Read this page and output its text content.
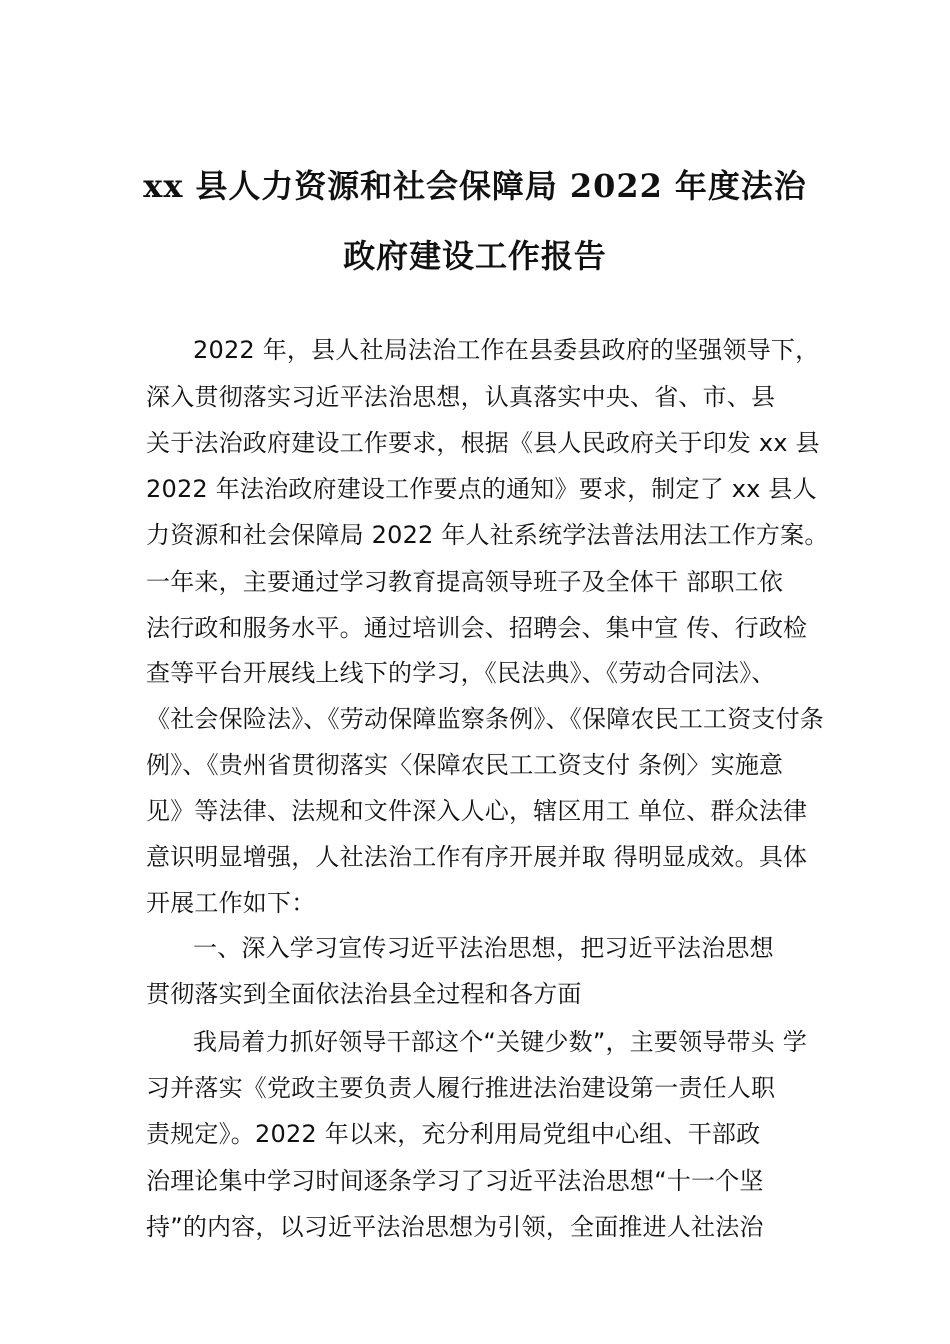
xx 县人力资源和社会保障局 2022 年度法治
政府建设工作报告
2022 年，县人社局法治工作在县委县政府的坚强领导下，
深入贯彻落实习近平法治思想，认真落实中央、省、市、县
关于法治政府建设工作要求，根据《县人民政府关于印发 xx 县
2022 年法治政府建设工作要点的通知》要求，制定了 xx 县人
力资源和社会保障局 2022 年人社系统学法普法用法工作方案。
一年来，主要通过学习教育提高领导班子及全体干 部职工依
法行政和服务水平。通过培训会、招聘会、集中宣 传、行政检
查等平台开展线上线下的学习，《民法典》、《劳动合同法》、
《社会保险法》、《劳动保障监察条例》、《保障农民工工资支付条
例》、《贵州省贯彻落实〈保障农民工工资支付 条例〉实施意
见》等法律、法规和文件深入人心，辖区用工 单位、群众法律
意识明显增强，人社法治工作有序开展并取 得明显成效。具体
开展工作如下：
一、深入学习宣传习近平法治思想，把习近平法治思想
贯彻落实到全面依法治县全过程和各方面
我局着力抓好领导干部这个“关键少数”，主要领导带头 学
习并落实《党政主要负责人履行推进法治建设第一责任人职
责规定》。2022 年以来，充分利用局党组中心组、干部政
治理论集中学习时间逐条学习了习近平法治思想“十一个坚
持”的内容，以习近平法治思想为引领，全面推进人社法治
